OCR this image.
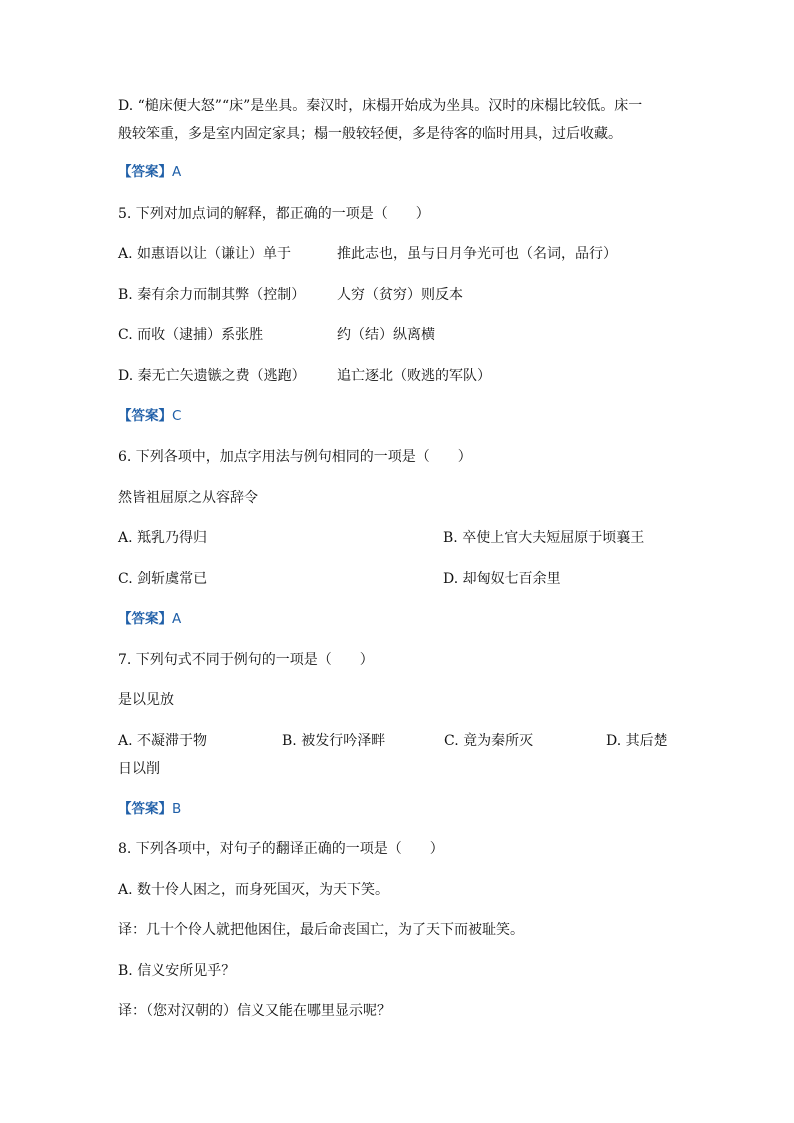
D. “槌床便大怒”“床”是坐具。秦汉时，床榻开始成为坐具。汉时的床榻比较低。床一
般较笨重，多是室内固定家具；榻一般较轻便，多是待客的临时用具，过后收藏。
【答案】A
5. 下列对加点词的解释，都正确的一项是（　　）
A. 如惠语以让（谦让）单于	推此志也，虽与日月争光可也（名词，品行）
B. 秦有余力而制其弊（控制） 人穷（贫穷）则反本
C. 而收（逮捕）系张胜	约（结）纵离横
D. 秦无亡矢遗镞之费（逃跑） 追亡逐北（败逃的军队）
【答案】C
6. 下列各项中，加点字用法与例句相同的一项是（　　）
然皆祖屈原之从容辞令
A. 羝乳乃得归	B. 卒使上官大夫短屈原于顷襄王
C. 剑斩虞常已	D. 却匈奴七百余里
【答案】A
7. 下列句式不同于例句的一项是（　　）
是以见放
A. 不凝滞于物	B. 被发行吟泽畔	C. 竟为秦所灭	D. 其后楚
日以削
【答案】B
8. 下列各项中，对句子的翻译正确的一项是（　　）
A. 数十伶人困之，而身死国灭，为天下笑。
译：几十个伶人就把他困住，最后命丧国亡，为了天下而被耻笑。
B. 信义安所见乎？
译：（您对汉朝的）信义又能在哪里显示呢？
